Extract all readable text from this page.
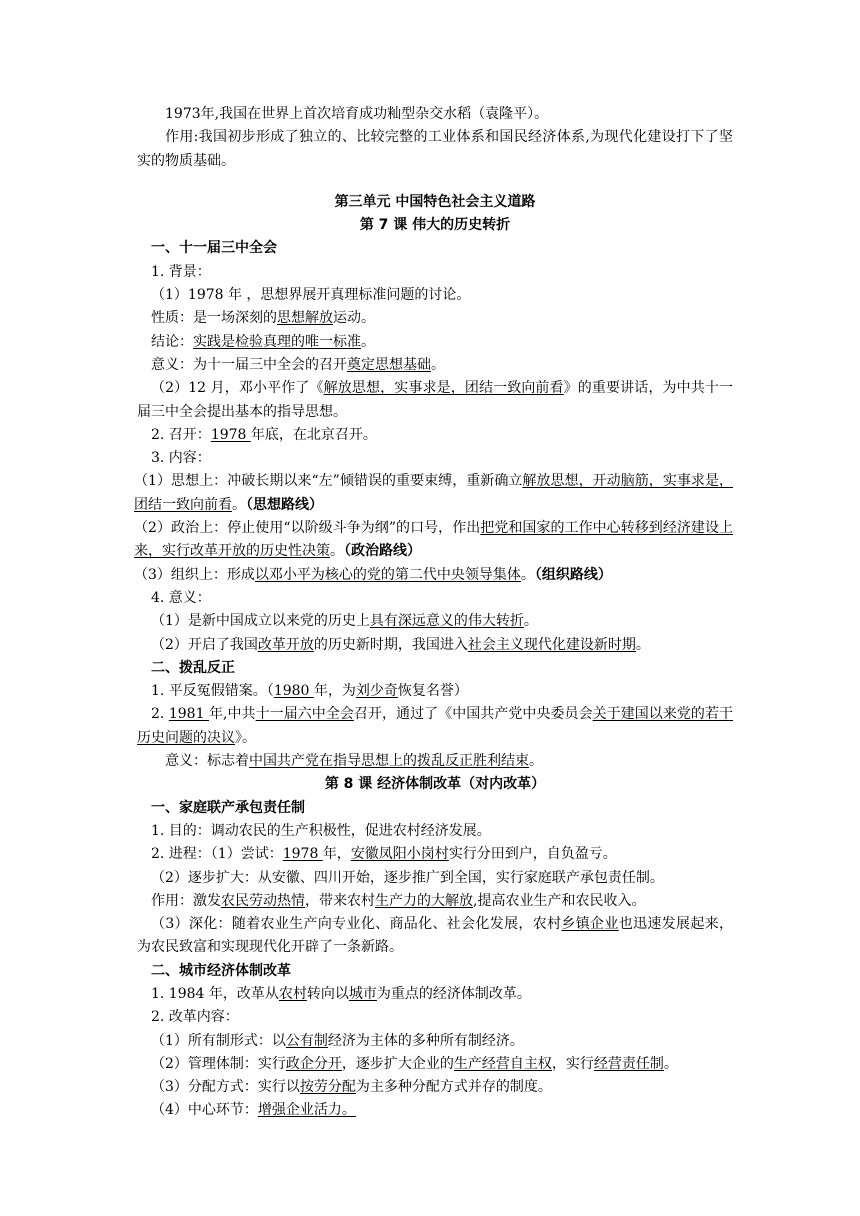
1973年,我国在世界上首次培育成功籼型杂交水稻（袁隆平）。
作用:我国初步形成了独立的、比较完整的工业体系和国民经济体系,为现代化建设打下了坚实的物质基础。
第三单元 中国特色社会主义道路
第 7 课 伟大的历史转折
一、十一届三中全会
1. 背景：
（1）1978 年 ，思想界展开真理标准问题的讨论。
性质：是一场深刻的思想解放运动。
结论：实践是检验真理的唯一标准。
意义：为十一届三中全会的召开奠定思想基础。
（2）12 月，邓小平作了《解放思想，实事求是，团结一致向前看》的重要讲话，为中共十一届三中全会提出基本的指导思想。
2. 召开：1978 年底，在北京召开。
3. 内容：
（1）思想上：冲破长期以来“左”倾错误的重要束缚，重新确立解放思想，开动脑筋，实事求是，团结一致向前看。（思想路线）
（2）政治上：停止使用“以阶级斗争为纲”的口号，作出把党和国家的工作中心转移到经济建设上来，实行改革开放的历史性决策。（政治路线）
（3）组织上：形成以邓小平为核心的党的第二代中央领导集体。（组织路线）
4. 意义：
（1）是新中国成立以来党的历史上具有深远意义的伟大转折。
（2）开启了我国改革开放的历史新时期，我国进入社会主义现代化建设新时期。
二、拨乱反正
1. 平反冤假错案。（1980 年，为刘少奇恢复名誉）
2. 1981 年,中共十一届六中全会召开，通过了《中国共产党中央委员会关于建国以来党的若干历史问题的决议》。
意义：标志着中国共产党在指导思想上的拨乱反正胜利结束。
第 8 课 经济体制改革（对内改革）
一、家庭联产承包责任制
1. 目的：调动农民的生产积极性，促进农村经济发展。
2. 进程：（1）尝试：1978 年，安徽凤阳小岗村实行分田到户，自负盈亏。
（2）逐步扩大：从安徽、四川开始，逐步推广到全国，实行家庭联产承包责任制。
作用：激发农民劳动热情，带来农村生产力的大解放,提高农业生产和农民收入。
（3）深化：随着农业生产向专业化、商品化、社会化发展，农村乡镇企业也迅速发展起来，为农民致富和实现现代化开辟了一条新路。
二、城市经济体制改革
1. 1984 年，改革从农村转向以城市为重点的经济体制改革。
2. 改革内容：
（1）所有制形式：以公有制经济为主体的多种所有制经济。
（2）管理体制：实行政企分开，逐步扩大企业的生产经营自主权，实行经营责任制。
（3）分配方式：实行以按劳分配为主多种分配方式并存的制度。
（4）中心环节：增强企业活力。
